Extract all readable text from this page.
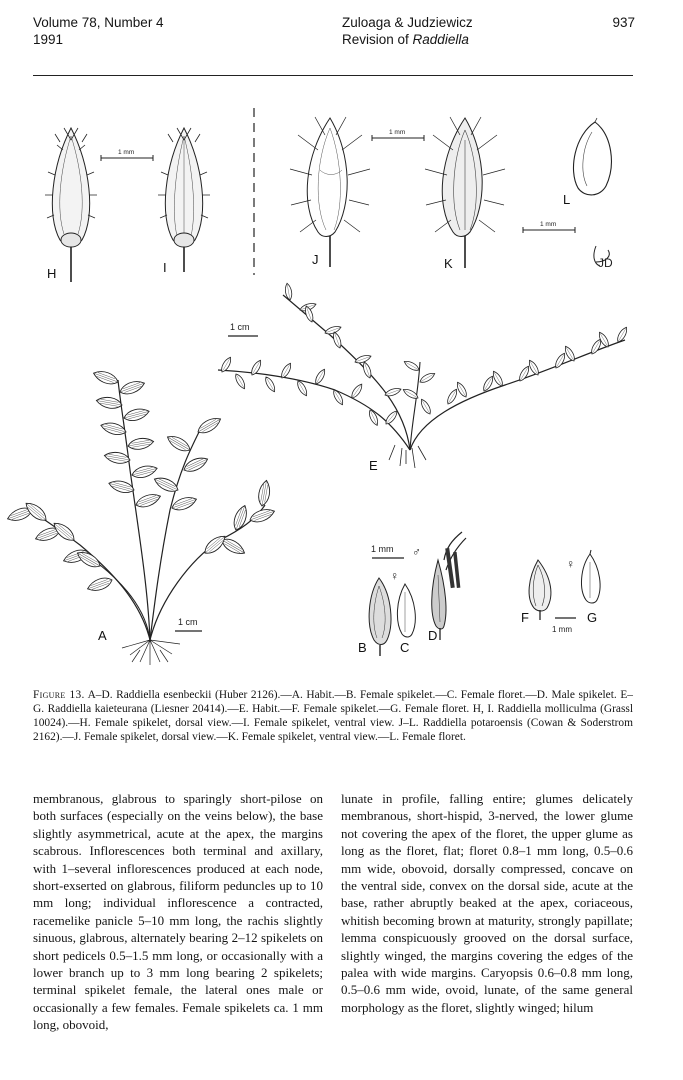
Volume 78, Number 4
1991
Zuloaga & Judziewicz
Revision of Raddiella
937
1 mm
1 mm
1 mm
JD
1 cm
1 cm
1 mm ♂
♀
♀
1 mm
A
B	C
D
E
F	G
H	I
J	K
L
Figure 13. A–D. Raddiella esenbeckii (Huber 2126).—A. Habit.—B. Female spikelet.—C. Female floret.—D. Male spikelet. E–G. Raddiella kaieteurana (Liesner 20414).—E. Habit.—F. Female spikelet.—G. Female floret. H, I. Raddiella molliculma (Grassl 10024).—H. Female spikelet, dorsal view.—I. Female spikelet, ventral view. J–L. Raddiella potaroensis (Cowan & Soderstrom 2162).—J. Female spikelet, dorsal view.—K. Female spikelet, ventral view.—L. Female floret.
membranous, glabrous to sparingly short-pilose on both surfaces (especially on the veins below), the base slightly asymmetrical, acute at the apex, the margins scabrous. Inflorescences both terminal and axillary, with 1–several inflorescences produced at each node, short-exserted on glabrous, filiform peduncles up to 10 mm long; individual inflorescence a contracted, racemelike panicle 5–10 mm long, the rachis slightly sinuous, glabrous, alternately bearing 2–12 spikelets on short pedicels 0.5–1.5 mm long, or occasionally with a lower branch up to 3 mm long bearing 2 spikelets; terminal spikelet female, the lateral ones male or occasionally a few females. Female spikelets ca. 1 mm long, obovoid,
lunate in profile, falling entire; glumes delicately membranous, short-hispid, 3-nerved, the lower glume not covering the apex of the floret, the upper glume as long as the floret, flat; floret 0.8–1 mm long, 0.5–0.6 mm wide, obovoid, dorsally compressed, concave on the ventral side, convex on the dorsal side, acute at the base, rather abruptly beaked at the apex, coriaceous, whitish becoming brown at maturity, strongly papillate; lemma conspicuously grooved on the dorsal surface, slightly winged, the margins covering the edges of the palea with wide margins. Caryopsis 0.6–0.8 mm long, 0.5–0.6 mm wide, ovoid, lunate, of the same general morphology as the floret, slightly winged; hilum
